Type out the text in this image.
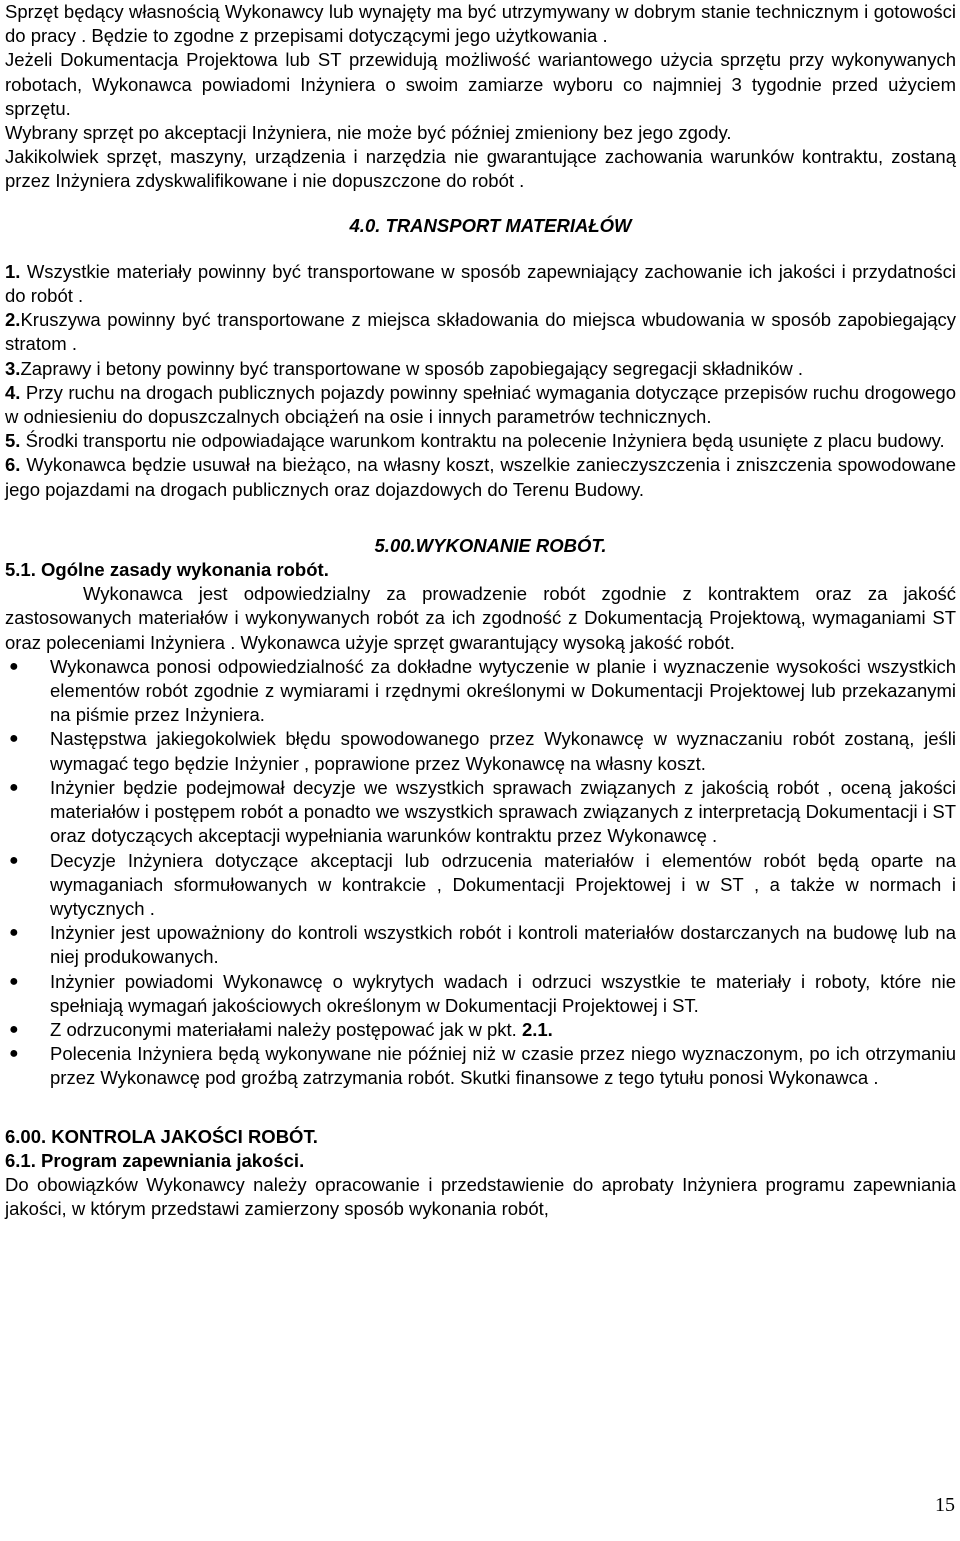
Sprzęt będący własnością Wykonawcy lub wynajęty ma być utrzymywany w dobrym stanie technicznym i gotowości do pracy . Będzie to zgodne z przepisami dotyczącymi jego użytkowania .

Jeżeli Dokumentacja Projektowa lub ST przewidują możliwość wariantowego użycia sprzętu przy wykonywanych robotach, Wykonawca powiadomi Inżyniera o swoim zamiarze wyboru co najmniej 3 tygodnie przed użyciem sprzętu.

Wybrany sprzęt po akceptacji Inżyniera, nie może być później zmieniony bez jego zgody.

Jakikolwiek sprzęt, maszyny, urządzenia i narzędzia nie gwarantujące zachowania warunków kontraktu, zostaną przez Inżyniera zdyskwalifikowane i nie dopuszczone do robót .

4.0. TRANSPORT MATERIAŁÓW

1. Wszystkie materiały powinny być transportowane w sposób zapewniający zachowanie ich jakości i przydatności do robót .

2.Kruszywa powinny być transportowane z miejsca składowania do miejsca wbudowania w sposób zapobiegający stratom .

3.Zaprawy i betony powinny być transportowane w sposób zapobiegający segregacji składników .

4. Przy ruchu na drogach publicznych pojazdy powinny spełniać wymagania dotyczące przepisów ruchu drogowego w odniesieniu do dopuszczalnych obciążeń na osie i innych parametrów technicznych.

5. Środki transportu nie odpowiadające warunkom kontraktu na polecenie Inżyniera będą usunięte z placu budowy.

6. Wykonawca będzie usuwał na bieżąco, na własny koszt, wszelkie zanieczyszczenia i zniszczenia spowodowane jego pojazdami na drogach publicznych oraz dojazdowych do Terenu Budowy.

5.00.WYKONANIE ROBÓT.

5.1. Ogólne zasady wykonania robót.

Wykonawca jest odpowiedzialny za prowadzenie robót zgodnie z kontraktem oraz za jakość zastosowanych materiałów i wykonywanych robót za ich zgodność z Dokumentacją Projektową, wymaganiami ST oraz poleceniami Inżyniera . Wykonawca użyje sprzęt gwarantujący wysoką jakość robót.
●	Wykonawca ponosi odpowiedzialność za dokładne wytyczenie w planie i wyznaczenie wysokości wszystkich elementów robót zgodnie z wymiarami i rzędnymi określonymi w Dokumentacji Projektowej lub przekazanymi na piśmie przez Inżyniera.
●	Następstwa jakiegokolwiek błędu spowodowanego przez Wykonawcę w wyznaczaniu robót zostaną, jeśli wymagać tego będzie Inżynier , poprawione przez Wykonawcę na własny koszt.
●	Inżynier będzie podejmował decyzje we wszystkich sprawach związanych z jakością robót , oceną jakości materiałów i postępem robót a ponadto we wszystkich sprawach związanych z interpretacją Dokumentacji i ST oraz dotyczących akceptacji wypełniania warunków kontraktu przez Wykonawcę .
●	Decyzje Inżyniera dotyczące akceptacji lub odrzucenia materiałów i elementów robót będą oparte na wymaganiach sformułowanych w kontrakcie , Dokumentacji Projektowej i w ST , a także w normach i wytycznych .
●	Inżynier jest upoważniony do kontroli wszystkich robót i kontroli materiałów dostarczanych na budowę lub na niej produkowanych.
●	Inżynier powiadomi Wykonawcę o wykrytych wadach i odrzuci wszystkie te materiały i roboty, które nie spełniają wymagań jakościowych określonym w Dokumentacji Projektowej i ST.
●	Z odrzuconymi materiałami należy postępować jak w pkt. 2.1.
●	Polecenia Inżyniera będą wykonywane nie później niż w czasie przez niego wyznaczonym, po ich otrzymaniu przez Wykonawcę pod groźbą zatrzymania robót. Skutki finansowe z tego tytułu ponosi Wykonawca .

6.00. KONTROLA JAKOŚCI ROBÓT.

6.1. Program zapewniania jakości.

Do obowiązków Wykonawcy należy opracowanie i przedstawienie do aprobaty Inżyniera programu zapewniania jakości, w którym przedstawi zamierzony sposób wykonania robót,

15
